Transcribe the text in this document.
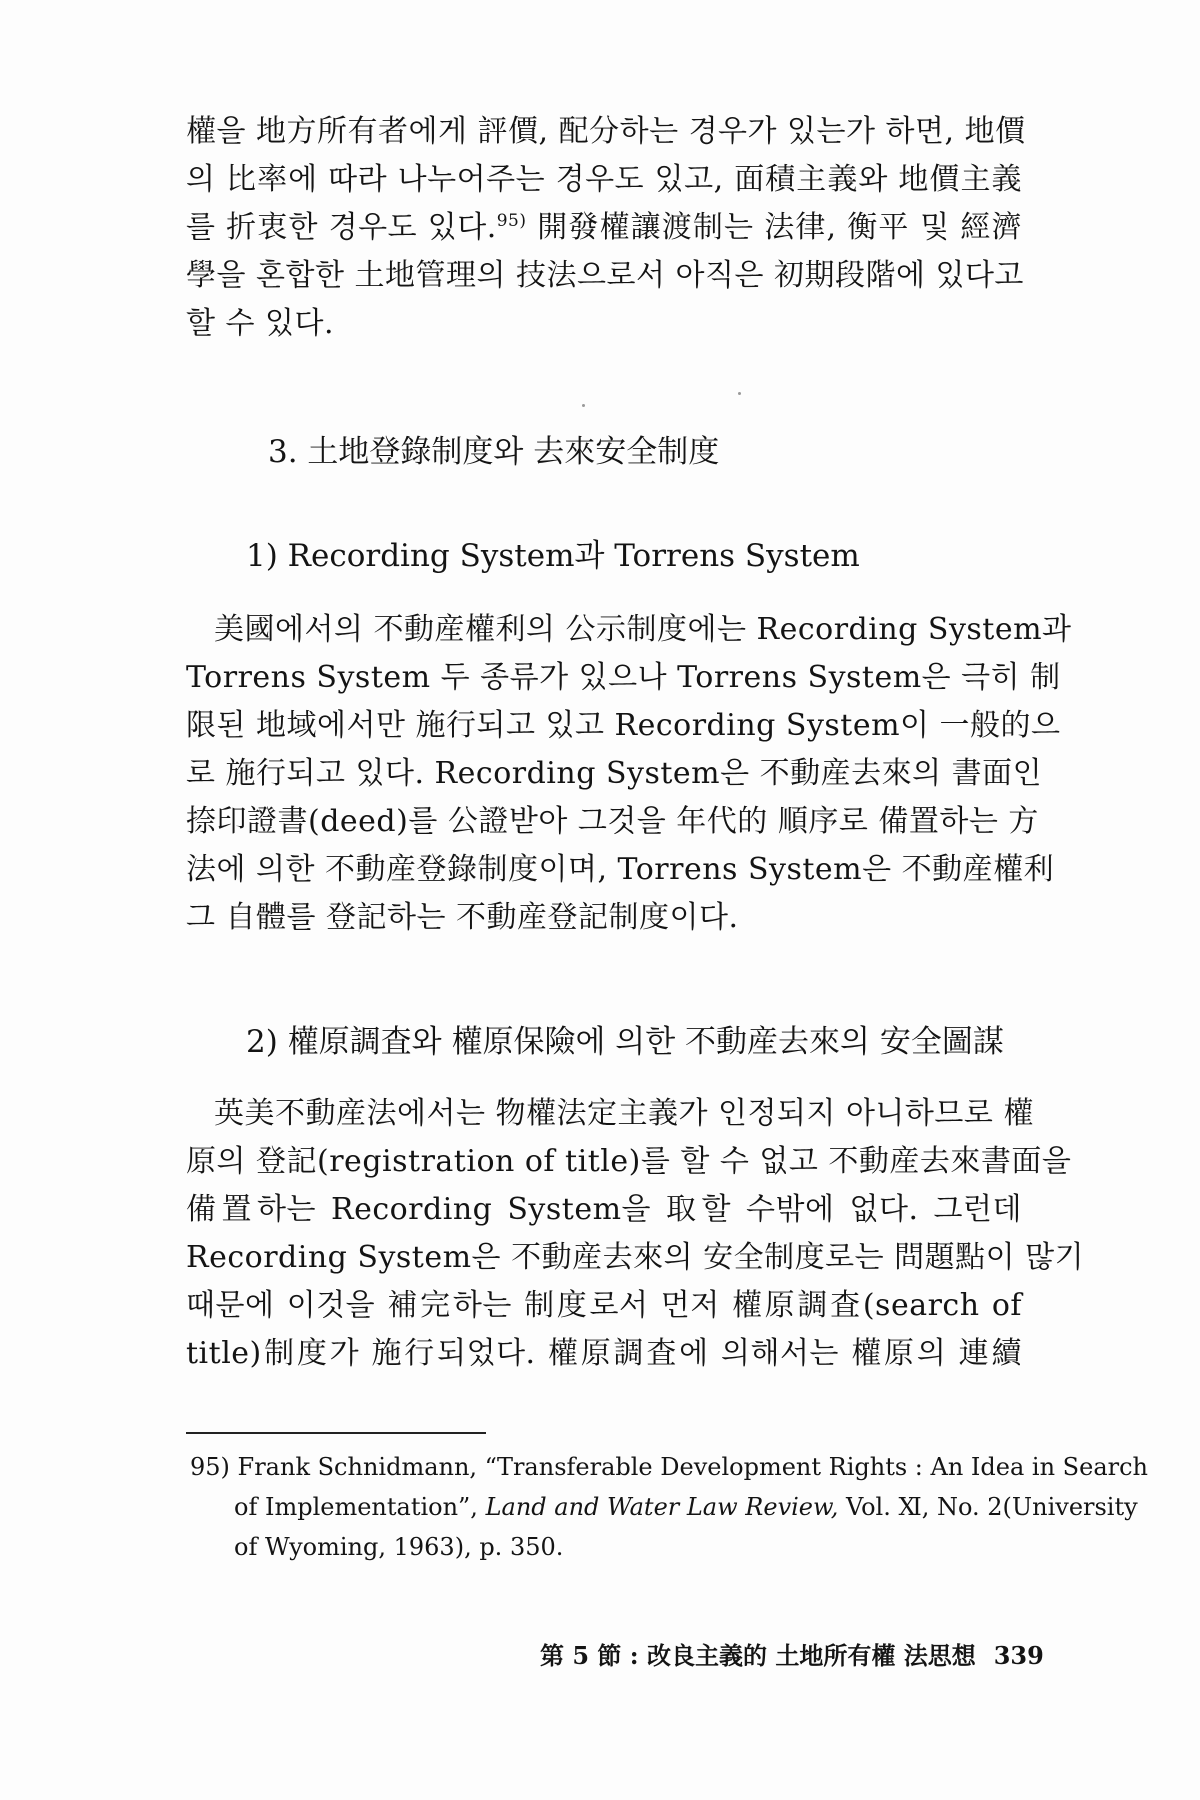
權을 地方所有者에게 評價, 配分하는 경우가 있는가 하면, 地價
의 比率에 따라 나누어주는 경우도 있고, 面積主義와 地價主義
를 折衷한 경우도 있다.$^{95)}$ 開發權讓渡制는 法律, 衡平 및 經濟
學을 혼합한 土地管理의 技法으로서 아직은 初期段階에 있다고
할 수 있다.
3. 土地登錄制度와 去來安全制度
1) Recording System과 Torrens System
美國에서의 不動産權利의 公示制度에는 Recording System과
Torrens System 두 종류가 있으나 Torrens System은 극히 制
限된 地域에서만 施行되고 있고 Recording System이 一般的으
로 施行되고 있다. Recording System은 不動産去來의 書面인
捺印證書(deed)를 公證받아 그것을 年代的 順序로 備置하는 方
法에 의한 不動産登錄制度이며, Torrens System은 不動産權利
그 自體를 登記하는 不動産登記制度이다.
2) 權原調査와 權原保險에 의한 不動産去來의 安全圖謀
英美不動産法에서는 物權法定主義가 인정되지 아니하므로 權
原의 登記(registration of title)를 할 수 없고 不動産去來書面을
備置하는 Recording System을 取할 수밖에 없다. 그런데
Recording System은 不動産去來의 安全制度로는 問題點이 많기
때문에 이것을 補完하는 制度로서 먼저 權原調査(search of
title)制度가 施行되었다. 權原調査에 의해서는 權原의 連續
95) Frank Schnidmann, “Transferable Development Rights : An Idea in Search
of Implementation”, Land and Water Law Review, Vol. Ⅺ, No. 2(University
of Wyoming, 1963), p. 350.
第 5 節 : 改良主義的 土地所有權 法思想 339
